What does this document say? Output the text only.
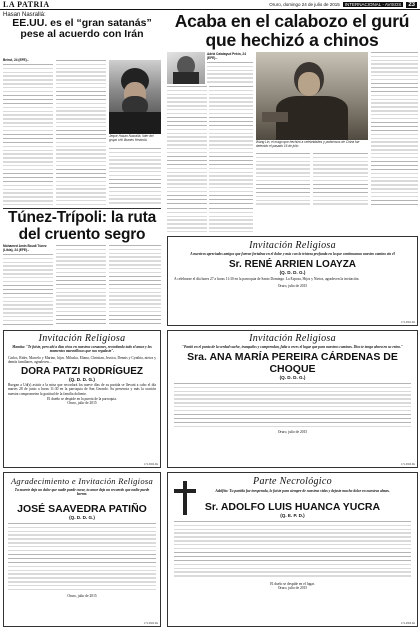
LA PATRIA	Oruro, domingo 24 de julio de 2015	INTERNACIONAL - AVISOS	23
Hasan Nasrallá:
EE.UU. es el “gran satanás” pese al acuerdo con Irán
Beirut, 24 (EFE).-
Jeque Hasan Nasrallá, líder del grupo chií libanés Hezbolá.
Acaba en el calabozo el gurú que hechizó a chinos
Adrià Calatayud Pekín, 24 (EFE).-
Wang Lin, el mago que hechizó a celebridades y poderosos de China fue detenido el pasado 16 de julio
Túnez-Trípoli: la ruta del cruento segro
Mohamed Amin Boudi Túnez (Libia), 24 (EFE).-	Invitación Religiosa
A nuestros apreciados amigos que fueron fortaleza en el dolor y más con la tristeza profunda en la que continuamos nuestro camino sin él
Sr. RENÉ ARRIEN LOAYZA
(Q. D. D. G.)
A celebrarse el día lunes 27 a horas 11:30 en la parroquia de Santo Domingo. La Esposa, Hijos y Nietos, agradecen la invitación.
Oruro, julio de 2015
171-0301-FE
Invitación Religiosa
Mamita: "Te fuiste, pero ahí a días vivos en nuestros corazones, recordando todo el amor y los momentos maravillosos que nos regalaste".
Carlos, Rider, Marcelo y Marino, hijos. Miluska, Eliana, Christian, Jessica, Dennis y Cynthia, nietos y demás familiares, agradecen...
DORA PATZI RODRÍGUEZ
(Q. D. D. G.)
Ruegan a Ud(s) asistir a la misa que recordará los nueve días de su partida se llevará a cabo el día martes 28 de junio a horas 11:30 en la parroquia de San Gerardo. Su presencia y más la oración nuestra comprometen la gratitud de la familia doliente.
El dueño se despide en la puerta de la parroquia.
Oruro, julio de 2015
171-0302-FE
Invitación Religiosa
"Partió en el punto de la verdad vuelve, tranquilos y comprendan, falta a veces el lugar que para nuestros caminos. Dios te tenga ahora en su reino."
Sra. ANA MARÍA PEREIRA CÁRDENAS DE CHOQUE
(Q. D. D. G.)
Oruro, julio de 2015
171-0303-FE
Agradecimiento e Invitación Religiosa
Tu muerte deja un dolor que nadie puede curar, tu amor deja un recuerdo que nadie puede borrar.
JOSÉ SAAVEDRA PATIÑO
(Q. D. D. G.)
Oruro, julio de 2015
171-0304-FE
Parte Necrológico
Adolfito: Tu partida fue inesperada, lo fuiste para siempre de nuestras vidas y dejaste mucho dolor en nuestras almas.
Sr. ADOLFO LUIS HUANCA YUCRA
(Q. E. P. D.)
El duelo se despide en el lugar.
Oruro, julio de 2015
171-0305-FE
